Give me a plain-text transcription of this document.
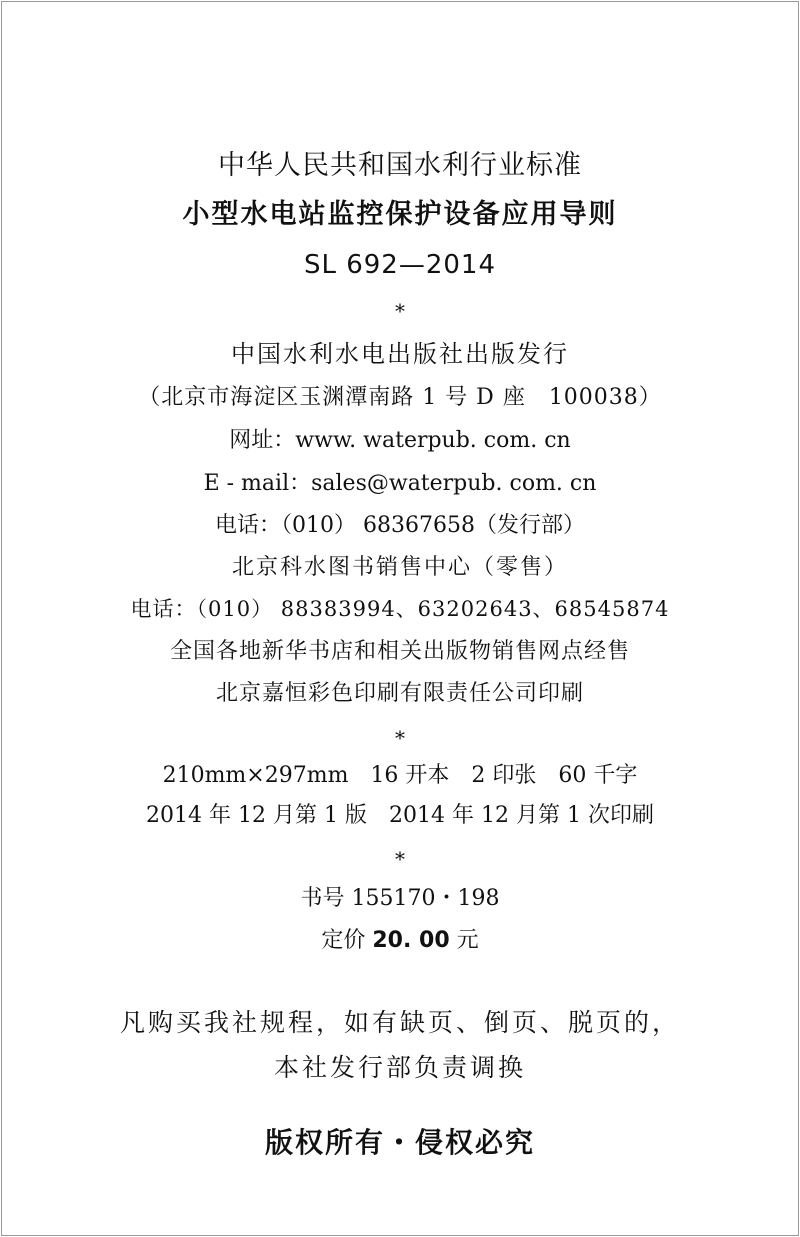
中华人民共和国水利行业标准
小型水电站监控保护设备应用导则
SL 692—2014
*
中国水利水电出版社出版发行
（北京市海淀区玉渊潭南路 1 号 D 座　100038）
网址：www. waterpub. com. cn
E - mail：sales@waterpub. com. cn
电话：（010） 68367658（发行部）
北京科水图书销售中心（零售）
电话：（010） 88383994、63202643、68545874
全国各地新华书店和相关出版物销售网点经售
北京嘉恒彩色印刷有限责任公司印刷
*
210mm×297mm　16 开本　2 印张　60 千字
2014 年 12 月第 1 版　2014 年 12 月第 1 次印刷
*
书号 155170・198
定价 20. 00 元
凡购买我社规程，如有缺页、倒页、脱页的，
本社发行部负责调换
版权所有・侵权必究
